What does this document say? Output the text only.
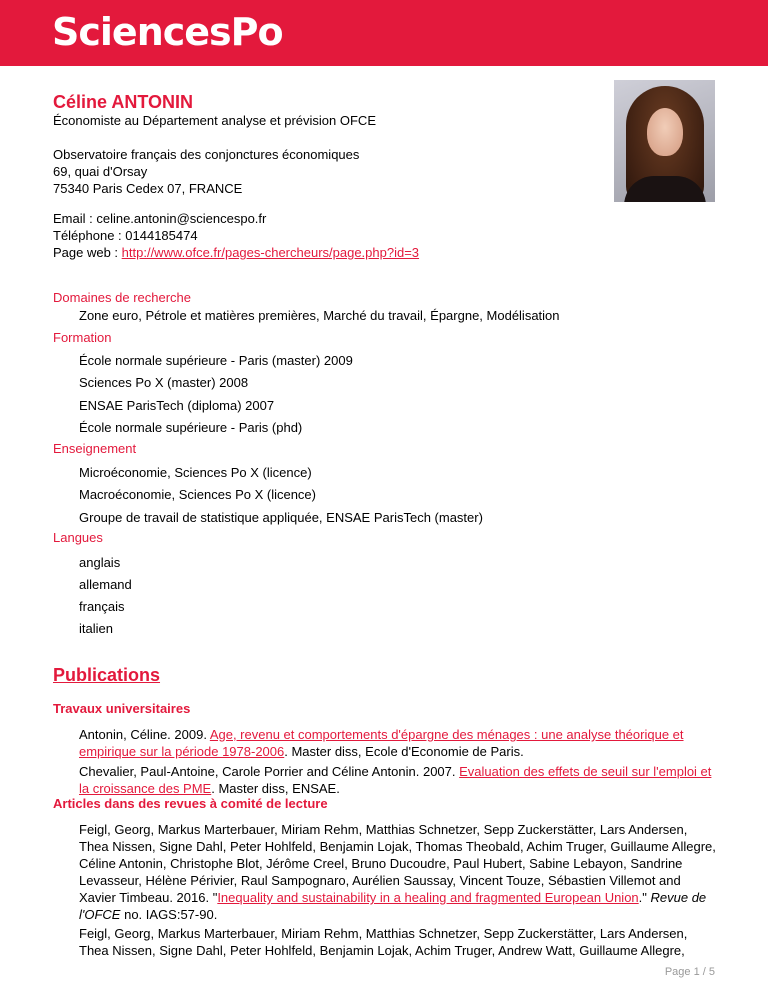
SciencesPo
Céline ANTONIN
Économiste au Département analyse et prévision OFCE
Observatoire français des conjonctures économiques
69, quai d'Orsay
75340 Paris Cedex 07, FRANCE
Email : celine.antonin@sciencespo.fr
Téléphone : 0144185474
Page web : http://www.ofce.fr/pages-chercheurs/page.php?id=3
Domaines de recherche
Zone euro, Pétrole et matières premières, Marché du travail, Épargne, Modélisation
Formation
École normale supérieure - Paris (master) 2009
Sciences Po X (master) 2008
ENSAE ParisTech (diploma) 2007
École normale supérieure - Paris (phd)
Enseignement
Microéconomie, Sciences Po X (licence)
Macroéconomie, Sciences Po X (licence)
Groupe de travail de statistique appliquée, ENSAE ParisTech (master)
Langues
anglais
allemand
français
italien
Publications
Travaux universitaires
Antonin, Céline. 2009. Age, revenu et comportements d'épargne des ménages : une analyse théorique et empirique sur la période 1978-2006. Master diss, Ecole d'Economie de Paris.
Chevalier, Paul-Antoine, Carole Porrier and Céline Antonin. 2007. Evaluation des effets de seuil sur l'emploi et la croissance des PME. Master diss, ENSAE.
Articles dans des revues à comité de lecture
Feigl, Georg, Markus Marterbauer, Miriam Rehm, Matthias Schnetzer, Sepp Zuckerstätter, Lars Andersen, Thea Nissen, Signe Dahl, Peter Hohlfeld, Benjamin Lojak, Thomas Theobald, Achim Truger, Guillaume Allegre, Céline Antonin, Christophe Blot, Jérôme Creel, Bruno Ducoudre, Paul Hubert, Sabine Lebayon, Sandrine Levasseur, Hélène Périvier, Raul Sampognaro, Aurélien Saussay, Vincent Touze, Sébastien Villemot and Xavier Timbeau. 2016. "Inequality and sustainability in a healing and fragmented European Union." Revue de l'OFCE no. IAGS:57-90.
Feigl, Georg, Markus Marterbauer, Miriam Rehm, Matthias Schnetzer, Sepp Zuckerstätter, Lars Andersen, Thea Nissen, Signe Dahl, Peter Hohlfeld, Benjamin Lojak, Achim Truger, Andrew Watt, Guillaume Allegre,
Page 1 / 5
